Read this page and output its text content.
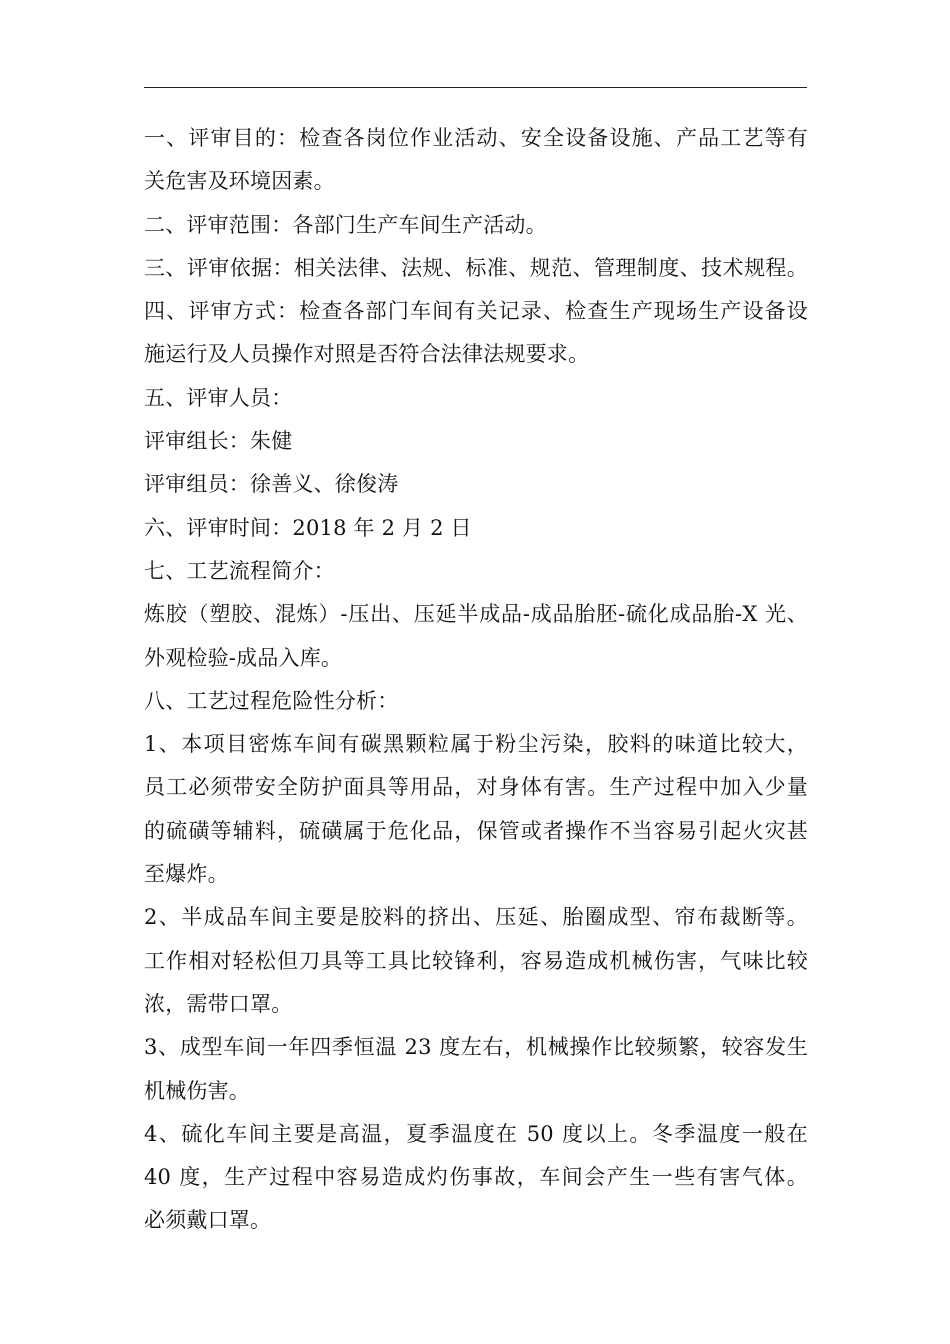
一、评审目的：检查各岗位作业活动、安全设备设施、产品工艺等有
关危害及环境因素。
二、评审范围：各部门生产车间生产活动。
三、评审依据：相关法律、法规、标准、规范、管理制度、技术规程。
四、评审方式：检查各部门车间有关记录、检查生产现场生产设备设
施运行及人员操作对照是否符合法律法规要求。
五、评审人员：
评审组长：朱健
评审组员：徐善义、徐俊涛
六、评审时间：2018 年 2 月 2 日
七、工艺流程简介：
炼胶（塑胶、混炼）-压出、压延半成品-成品胎胚-硫化成品胎-X 光、
外观检验-成品入库。
八、工艺过程危险性分析：
1、本项目密炼车间有碳黑颗粒属于粉尘污染，胶料的味道比较大，
员工必须带安全防护面具等用品，对身体有害。生产过程中加入少量
的硫磺等辅料，硫磺属于危化品，保管或者操作不当容易引起火灾甚
至爆炸。
2、半成品车间主要是胶料的挤出、压延、胎圈成型、帘布裁断等。
工作相对轻松但刀具等工具比较锋利，容易造成机械伤害，气味比较
浓，需带口罩。
3、成型车间一年四季恒温 23 度左右，机械操作比较频繁，较容发生
机械伤害。
4、硫化车间主要是高温，夏季温度在 50 度以上。冬季温度一般在
40 度，生产过程中容易造成灼伤事故，车间会产生一些有害气体。
必须戴口罩。
